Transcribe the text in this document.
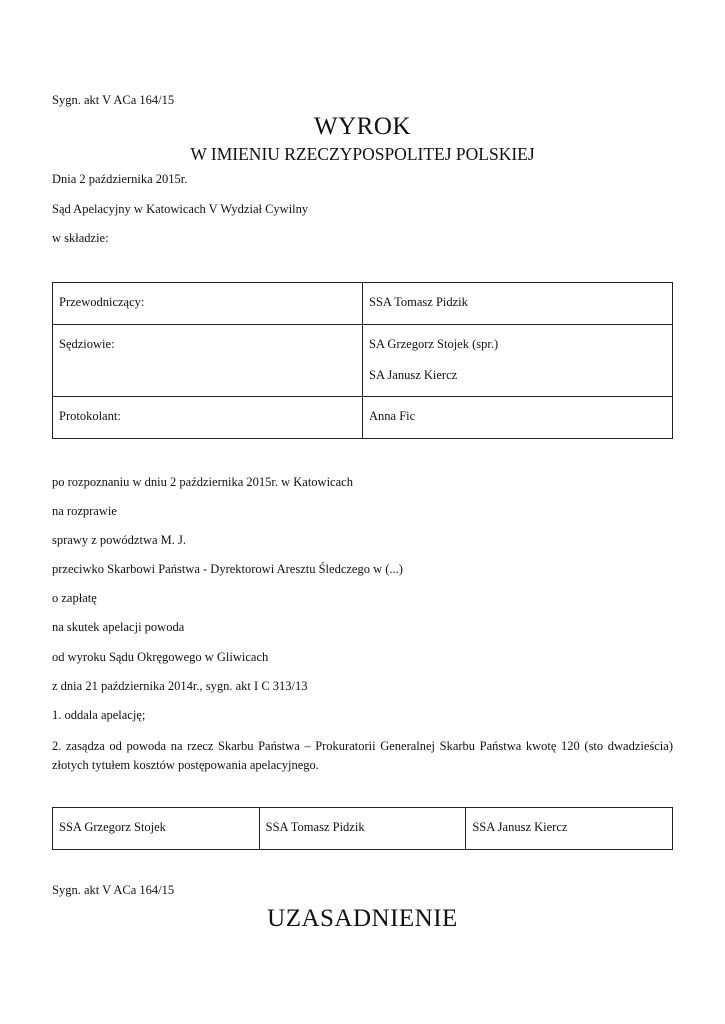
Sygn. akt V ACa 164/15
WYROK
W IMIENIU RZECZYPOSPOLITEJ POLSKIEJ
Dnia 2 października 2015r.
Sąd Apelacyjny w Katowicach V Wydział Cywilny
w składzie:
Przewodniczący:	SSA Tomasz Pidzik
Sędziowie:	SA Grzegorz Stojek (spr.)
SA Janusz Kiercz

Protokolant:	Anna Fic
po rozpoznaniu w dniu 2 października 2015r. w Katowicach
na rozprawie
sprawy z powództwa M. J.
przeciwko Skarbowi Państwa - Dyrektorowi Aresztu Śledczego w (...)
o zapłatę
na skutek apelacji powoda
od wyroku Sądu Okręgowego w Gliwicach
z dnia 21 października 2014r., sygn. akt I C 313/13
1. oddala apelację;
2. zasądza od powoda na rzecz Skarbu Państwa – Prokuratorii Generalnej Skarbu Państwa kwotę 120 (sto dwadzieścia) złotych tytułem kosztów postępowania apelacyjnego.
SSA Grzegorz Stojek	SSA Tomasz Pidzik	SSA Janusz Kiercz
Sygn. akt V ACa 164/15
UZASADNIENIE
